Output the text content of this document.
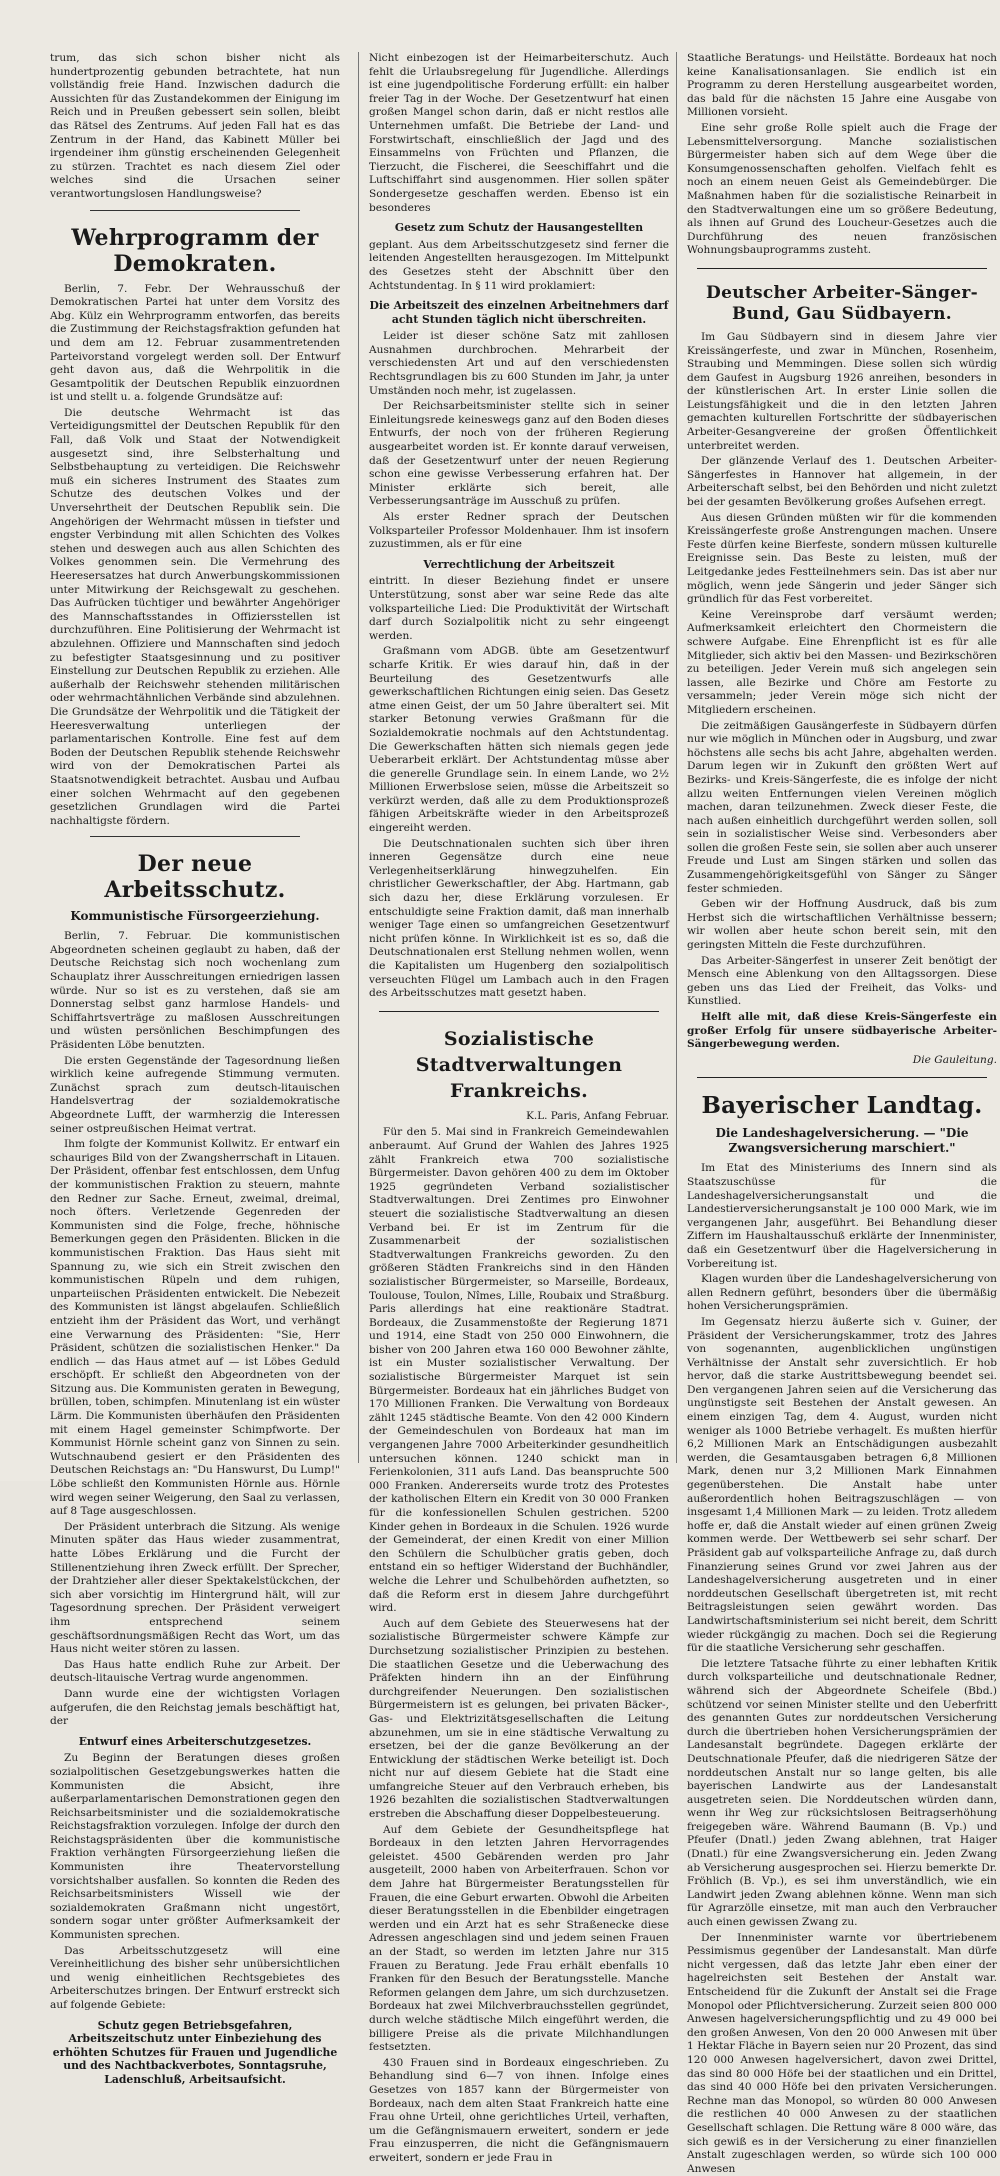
trum, das sich schon bisher nicht als hundertprozentig gebunden betrachtete, hat nun vollständig freie Hand. Inzwischen dadurch die Aussichten für das Zustandekommen der Einigung im Reich und in Preußen gebessert sein sollen, bleibt das Rätsel des Zentrums. Auf jeden Fall hat es das Zentrum in der Hand, das Kabinett Müller bei irgendeiner ihm günstig erscheinenden Gelegenheit zu stürzen. Trachtet es nach diesem Ziel oder welches sind die Ursachen seiner verantwortungslosen Handlungsweise?

Wehrprogramm der Demokraten.

Berlin, 7. Febr. Der Wehrausschuß der Demokratischen Partei hat unter dem Vorsitz des Abg. Külz ein Wehrprogramm entworfen, das bereits die Zustimmung der Reichstagsfraktion gefunden hat und dem am 12. Februar zusammentretenden Parteivorstand vorgelegt werden soll. Der Entwurf geht davon aus, daß die Wehrpolitik in die Gesamtpolitik der Deutschen Republik einzuordnen ist und stellt u. a. folgende Grundsätze auf:

Die deutsche Wehrmacht ist das Verteidigungsmittel der Deutschen Republik für den Fall, daß Volk und Staat der Notwendigkeit ausgesetzt sind, ihre Selbsterhaltung und Selbstbehauptung zu verteidigen. Die Reichswehr muß ein sicheres Instrument des Staates zum Schutze des deutschen Volkes und der Unversehrtheit der Deutschen Republik sein. Die Angehörigen der Wehrmacht müssen in tiefster und engster Verbindung mit allen Schichten des Volkes stehen und deswegen auch aus allen Schichten des Volkes genommen sein. Die Vermehrung des Heeresersatzes hat durch Anwerbungskommissionen unter Mitwirkung der Reichsgewalt zu geschehen. Das Aufrücken tüchtiger und bewährter Angehöriger des Mannschaftsstandes in Offiziersstellen ist durchzuführen. Eine Politisierung der Wehrmacht ist abzulehnen. Offiziere und Mannschaften sind jedoch zu befestigter Staatsgesinnung und zu positiver Einstellung zur Deutschen Republik zu erziehen. Alle außerhalb der Reichswehr stehenden militärischen oder wehrmachtähnlichen Verbände sind abzulehnen. Die Grundsätze der Wehrpolitik und die Tätigkeit der Heeresverwaltung unterliegen der parlamentarischen Kontrolle. Eine fest auf dem Boden der Deutschen Republik stehende Reichswehr wird von der Demokratischen Partei als Staatsnotwendigkeit betrachtet. Ausbau und Aufbau einer solchen Wehrmacht auf den gegebenen gesetzlichen Grundlagen wird die Partei nachhaltigste fördern.

Der neue Arbeitsschutz.
Kommunistische Fürsorgeerziehung.

Berlin, 7. Februar. Die kommunistischen Abgeordneten scheinen geglaubt zu haben, daß der Deutsche Reichstag sich noch wochenlang zum Schauplatz ihrer Ausschreitungen erniedrigen lassen würde. Nur so ist es zu verstehen, daß sie am Donnerstag selbst ganz harmlose Handels- und Schiffahrtsverträge zu maßlosen Ausschreitungen und wüsten persönlichen Beschimpfungen des Präsidenten Löbe benutzten.

Die ersten Gegenstände der Tagesordnung ließen wirklich keine aufregende Stimmung vermuten. Zunächst sprach zum deutsch-litauischen Handelsvertrag der sozialdemokratische Abgeordnete Lufft, der warmherzig die Interessen seiner ostpreußischen Heimat vertrat.

Ihm folgte der Kommunist Kollwitz. Er entwarf ein schauriges Bild von der Zwangsherrschaft in Litauen. Der Präsident, offenbar fest entschlossen, dem Unfug der kommunistischen Fraktion zu steuern, mahnte den Redner zur Sache. Erneut, zweimal, dreimal, noch öfters. Verletzende Gegenreden der Kommunisten sind die Folge, freche, höhnische Bemerkungen gegen den Präsidenten. Blicken in die kommunistischen Fraktion. Das Haus sieht mit Spannung zu, wie sich ein Streit zwischen den kommunistischen Rüpeln und dem ruhigen, unparteiischen Präsidenten entwickelt. Die Nebezeit des Kommunisten ist längst abgelaufen. Schließlich entzieht ihm der Präsident das Wort, und verhängt eine Verwarnung des Präsidenten: "Sie, Herr Präsident, schützen die sozialistischen Henker." Da endlich — das Haus atmet auf — ist Löbes Geduld erschöpft. Er schließt den Abgeordneten von der Sitzung aus. Die Kommunisten geraten in Bewegung, brüllen, toben, schimpfen. Minutenlang ist ein wüster Lärm. Die Kommunisten überhäufen den Präsidenten mit einem Hagel gemeinster Schimpfworte. Der Kommunist Hörnle scheint ganz von Sinnen zu sein. Wutschnaubend gesiert er den Präsidenten des Deutschen Reichstags an: "Du Hanswurst, Du Lump!" Löbe schließt den Kommunisten Hörnle aus. Hörnle wird wegen seiner Weigerung, den Saal zu verlassen, auf 8 Tage ausgeschlossen.

Der Präsident unterbrach die Sitzung. Als wenige Minuten später das Haus wieder zusammentrat, hatte Löbes Erklärung und die Furcht der Stillenentziehung ihren Zweck erfüllt. Der Sprecher, der Drahtzieher aller dieser Spektakelstückchen, der sich aber vorsichtig im Hintergrund hält, will zur Tagesordnung sprechen. Der Präsident verweigert ihm entsprechend seinem geschäftsordnungsmäßigen Recht das Wort, um das Haus nicht weiter stören zu lassen.

Das Haus hatte endlich Ruhe zur Arbeit. Der deutsch-litauische Vertrag wurde angenommen.

Dann wurde eine der wichtigsten Vorlagen aufgerufen, die den Reichstag jemals beschäftigt hat, der

Entwurf eines Arbeiterschutzgesetzes.

Zu Beginn der Beratungen dieses großen sozialpolitischen Gesetzgebungswerkes hatten die Kommunisten die Absicht, ihre außerparlamentarischen Demonstrationen gegen den Reichsarbeitsminister und die sozialdemokratische Reichstagsfraktion vorzulegen. Infolge der durch den Reichstagspräsidenten über die kommunistische Fraktion verhängten Fürsorgeerziehung ließen die Kommunisten ihre Theatervorstellung vorsichtshalber ausfallen. So konnten die Reden des Reichsarbeitsministers Wissell wie der sozialdemokraten Graßmann nicht ungestört, sondern sogar unter größter Aufmerksamkeit der Kommunisten sprechen.

Das Arbeitsschutzgesetz will eine Vereinheitlichung des bisher sehr unübersichtlichen und wenig einheitlichen Rechtsgebietes des Arbeiterschutzes bringen. Der Entwurf erstreckt sich auf folgende Gebiete:

Schutz gegen Betriebsgefahren, Arbeitszeitschutz unter Einbeziehung des erhöhten Schutzes für Frauen und Jugendliche und des Nachtbackverbotes, Sonntagsruhe, Ladenschluß, Arbeitsaufsicht.

Nicht einbezogen ist der Heimarbeiterschutz. Auch fehlt die Urlaubsregelung für Jugendliche. Allerdings ist eine jugendpolitische Forderung erfüllt: ein halber freier Tag in der Woche. Der Gesetzentwurf hat einen großen Mangel schon darin, daß er nicht restlos alle Unternehmen umfaßt. Die Betriebe der Land- und Forstwirtschaft, einschließlich der Jagd und des Einsammelns von Früchten und Pflanzen, die Tierzucht, die Fischerei, die Seeschiffahrt und die Luftschiffahrt sind ausgenommen. Hier sollen später Sondergesetze geschaffen werden. Ebenso ist ein besonderes

Gesetz zum Schutz der Hausangestellten

geplant. Aus dem Arbeitsschutzgesetz sind ferner die leitenden Angestellten herausgezogen. Im Mittelpunkt des Gesetzes steht der Abschnitt über den Achtstundentag. In § 11 wird proklamiert:

Die Arbeitszeit des einzelnen Arbeitnehmers darf acht Stunden täglich nicht überschreiten.

Leider ist dieser schöne Satz mit zahllosen Ausnahmen durchbrochen. Mehrarbeit der verschiedensten Art und auf den verschiedensten Rechtsgrundlagen bis zu 600 Stunden im Jahr, ja unter Umständen noch mehr, ist zugelassen.

Der Reichsarbeitsminister stellte sich in seiner Einleitungsrede keineswegs ganz auf den Boden dieses Entwurfs, der noch von der früheren Regierung ausgearbeitet worden ist. Er konnte darauf verweisen, daß der Gesetzentwurf unter der neuen Regierung schon eine gewisse Verbesserung erfahren hat. Der Minister erklärte sich bereit, alle Verbesserungsanträge im Ausschuß zu prüfen.

Als erster Redner sprach der Deutschen Volksparteiler Professor Moldenhauer. Ihm ist insofern zuzustimmen, als er für eine

Verrechtlichung der Arbeitszeit

eintritt. In dieser Beziehung findet er unsere Unterstützung, sonst aber war seine Rede das alte volksparteiliche Lied: Die Produktivität der Wirtschaft darf durch Sozialpolitik nicht zu sehr eingeengt werden.

Graßmann vom ADGB. übte am Gesetzentwurf scharfe Kritik. Er wies darauf hin, daß in der Beurteilung des Gesetzentwurfs alle gewerkschaftlichen Richtungen einig seien. Das Gesetz atme einen Geist, der um 50 Jahre überaltert sei. Mit starker Betonung verwies Graßmann für die Sozialdemokratie nochmals auf den Achtstundentag. Die Gewerkschaften hätten sich niemals gegen jede Ueberarbeit erklärt. Der Achtstundentag müsse aber die generelle Grundlage sein. In einem Lande, wo 2½ Millionen Erwerbslose seien, müsse die Arbeitszeit so verkürzt werden, daß alle zu dem Produktionsprozeß fähigen Arbeitskräfte wieder in den Arbeitsprozeß eingereiht werden.

Die Deutschnationalen suchten sich über ihren inneren Gegensätze durch eine neue Verlegenheitserklärung hinwegzuhelfen. Ein christlicher Gewerkschaftler, der Abg. Hartmann, gab sich dazu her, diese Erklärung vorzulesen. Er entschuldigte seine Fraktion damit, daß man innerhalb weniger Tage einen so umfangreichen Gesetzentwurf nicht prüfen könne. In Wirklichkeit ist es so, daß die Deutschnationalen erst Stellung nehmen wollen, wenn die Kapitalisten um Hugenberg den sozialpolitisch verseuchten Flügel um Lambach auch in den Fragen des Arbeitsschutzes matt gesetzt haben.

Sozialistische Stadtverwaltungen Frankreichs.

K.L. Paris, Anfang Februar.

Für den 5. Mai sind in Frankreich Gemeindewahlen anberaumt. Auf Grund der Wahlen des Jahres 1925 zählt Frankreich etwa 700 sozialistische Bürgermeister. Davon gehören 400 zu dem im Oktober 1925 gegründeten Verband sozialistischer Stadtverwaltungen. Drei Zentimes pro Einwohner steuert die sozialistische Stadtverwaltung an diesen Verband bei. Er ist im Zentrum für die Zusammenarbeit der sozialistischen Stadtverwaltungen Frankreichs geworden. Zu den größeren Städten Frankreichs sind in den Händen sozialistischer Bürgermeister, so Marseille, Bordeaux, Toulouse, Toulon, Nîmes, Lille, Roubaix und Straßburg. Paris allerdings hat eine reaktionäre Stadtrat. Bordeaux, die Zusammenstoßte der Regierung 1871 und 1914, eine Stadt von 250 000 Einwohnern, die bisher von 200 Jahren etwa 160 000 Bewohner zählte, ist ein Muster sozialistischer Verwaltung. Der sozialistische Bürgermeister Marquet ist sein Bürgermeister. Bordeaux hat ein jährliches Budget von 170 Millionen Franken. Die Verwaltung von Bordeaux zählt 1245 städtische Beamte. Von den 42 000 Kindern der Gemeindeschulen von Bordeaux hat man im vergangenen Jahre 7000 Arbeiterkinder gesundheitlich untersuchen können. 1240 schickt man in Ferienkolonien, 311 aufs Land. Das beanspruchte 500 000 Franken. Andererseits wurde trotz des Protestes der katholischen Eltern ein Kredit von 30 000 Franken für die konfessionellen Schulen gestrichen. 5200 Kinder gehen in Bordeaux in die Schulen. 1926 wurde der Gemeinderat, der einen Kredit von einer Million den Schülern die Schulbücher gratis geben, doch entstand ein so heftiger Widerstand der Buchhändler, welche die Lehrer und Schulbehörden aufhetzten, so daß die Reform erst in diesem Jahre durchgeführt wird.

Auch auf dem Gebiete des Steuerwesens hat der sozialistische Bürgermeister schwere Kämpfe zur Durchsetzung sozialistischer Prinzipien zu bestehen. Die staatlichen Gesetze und die Ueberwachung des Präfekten hindern ihn an der Einführung durchgreifender Neuerungen. Den sozialistischen Bürgermeistern ist es gelungen, bei privaten Bäcker-, Gas- und Elektrizitätsgesellschaften die Leitung abzunehmen, um sie in eine städtische Verwaltung zu ersetzen, bei der die ganze Bevölkerung an der Entwicklung der städtischen Werke beteiligt ist. Doch nicht nur auf diesem Gebiete hat die Stadt eine umfangreiche Steuer auf den Verbrauch erheben, bis 1926 bezahlten die sozialistischen Stadtverwaltungen erstreben die Abschaffung dieser Doppelbesteuerung.

Auf dem Gebiete der Gesundheitspflege hat Bordeaux in den letzten Jahren Hervorragendes geleistet. 4500 Gebärenden werden pro Jahr ausgeteilt, 2000 haben von Arbeiterfrauen. Schon vor dem Jahre hat Bürgermeister Beratungsstellen für Frauen, die eine Geburt erwarten. Obwohl die Arbeiten dieser Beratungsstellen in die Ebenbilder eingetragen werden und ein Arzt hat es sehr Straßenecke diese Adressen angeschlagen sind und jedem seinen Frauen an der Stadt, so werden im letzten Jahre nur 315 Frauen zu Beratung. Jede Frau erhält ebenfalls 10 Franken für den Besuch der Beratungsstelle. Manche Reformen gelangen dem Jahre, um sich durchzusetzen. Bordeaux hat zwei Milchverbrauchsstellen gegründet, durch welche städtische Milch eingeführt werden, die billigere Preise als die private Milchhandlungen festsetzten.

430 Frauen sind in Bordeaux eingeschrieben. Zu Behandlung sind 6—7 von ihnen. Infolge eines Gesetzes von 1857 kann der Bürgermeister von Bordeaux, nach dem alten Staat Frankreich hatte eine Frau ohne Urteil, ohne gerichtliches Urteil, verhaften, um die Gefängnismauern erweitert, sondern er jede Frau einzusperren, die nicht die Gefängnismauern erweitert, sondern er jede Frau in

Staatliche Beratungs- und Heilstätte. Bordeaux hat noch keine Kanalisationsanlagen. Sie endlich ist ein Programm zu deren Herstellung ausgearbeitet worden, das bald für die nächsten 15 Jahre eine Ausgabe von Millionen vorsieht.

Eine sehr große Rolle spielt auch die Frage der Lebensmittelversorgung. Manche sozialistischen Bürgermeister haben sich auf dem Wege über die Konsumgenossenschaften geholfen. Vielfach fehlt es noch an einem neuen Geist als Gemeindebürger. Die Maßnahmen haben für die sozialistische Reinarbeit in den Stadtverwaltungen eine um so größere Bedeutung, als ihnen auf Grund des Loucheur-Gesetzes auch die Durchführung des neuen französischen Wohnungsbauprogramms zusteht.

Deutscher Arbeiter-Sänger-Bund, Gau Südbayern.

Im Gau Südbayern sind in diesem Jahre vier Kreissängerfeste, und zwar in München, Rosenheim, Straubing und Memmingen. Diese sollen sich würdig dem Gaufest in Augsburg 1926 anreihen, besonders in der künstlerischen Art. In erster Linie sollen die Leistungsfähigkeit und die in den letzten Jahren gemachten kulturellen Fortschritte der südbayerischen Arbeiter-Gesangvereine der großen Öffentlichkeit unterbreitet werden.

Der glänzende Verlauf des 1. Deutschen Arbeiter-Sängerfestes in Hannover hat allgemein, in der Arbeiterschaft selbst, bei den Behörden und nicht zuletzt bei der gesamten Bevölkerung großes Aufsehen erregt.

Aus diesen Gründen müßten wir für die kommenden Kreissängerfeste große Anstrengungen machen. Unsere Feste dürfen keine Bierfeste, sondern müssen kulturelle Ereignisse sein. Das Beste zu leisten, muß der Leitgedanke jedes Festteilnehmers sein. Das ist aber nur möglich, wenn jede Sängerin und jeder Sänger sich gründlich für das Fest vorbereitet.

Keine Vereinsprobe darf versäumt werden; Aufmerksamkeit erleichtert den Chormeistern die schwere Aufgabe. Eine Ehrenpflicht ist es für alle Mitglieder, sich aktiv bei den Massen- und Bezirkschören zu beteiligen. Jeder Verein muß sich angelegen sein lassen, alle Bezirke und Chöre am Festorte zu versammeln; jeder Verein möge sich nicht der Mitgliedern erscheinen.

Die zeitmäßigen Gausängerfeste in Südbayern dürfen nur wie möglich in München oder in Augsburg, und zwar höchstens alle sechs bis acht Jahre, abgehalten werden. Darum legen wir in Zukunft den größten Wert auf Bezirks- und Kreis-Sängerfeste, die es infolge der nicht allzu weiten Entfernungen vielen Vereinen möglich machen, daran teilzunehmen. Zweck dieser Feste, die nach außen einheitlich durchgeführt werden sollen, soll sein in sozialistischer Weise sind. Verbesonders aber sollen die großen Feste sein, sie sollen aber auch unserer Freude und Lust am Singen stärken und sollen das Zusammengehörigkeitsgefühl von Sänger zu Sänger fester schmieden.

Geben wir der Hoffnung Ausdruck, daß bis zum Herbst sich die wirtschaftlichen Verhältnisse bessern; wir wollen aber heute schon bereit sein, mit den geringsten Mitteln die Feste durchzuführen.

Das Arbeiter-Sängerfest in unserer Zeit benötigt der Mensch eine Ablenkung von den Alltagssorgen. Diese geben uns das Lied der Freiheit, das Volks- und Kunstlied.

Helft alle mit, daß diese Kreis-Sängerfeste ein großer Erfolg für unsere südbayerische Arbeiter-Sängerbewegung werden.

Die Gauleitung.

Bayerischer Landtag.
Die Landeshagelversicherung. — "Die Zwangsversicherung marschiert."

Im Etat des Ministeriums des Innern sind als Staatszuschüsse für die Landeshagelversicherungsanstalt und die Landestierversicherungsanstalt je 100 000 Mark, wie im vergangenen Jahr, ausgeführt. Bei Behandlung dieser Ziffern im Haushaltausschuß erklärte der Innenminister, daß ein Gesetzentwurf über die Hagelversicherung in Vorbereitung ist.

Klagen wurden über die Landeshagelversicherung von allen Rednern geführt, besonders über die übermäßig hohen Versicherungsprämien.

Im Gegensatz hierzu äußerte sich v. Guiner, der Präsident der Versicherungskammer, trotz des Jahres von sogenannten, augenblicklichen ungünstigen Verhältnisse der Anstalt sehr zuversichtlich. Er hob hervor, daß die starke Austrittsbewegung beendet sei. Den vergangenen Jahren seien auf die Versicherung das ungünstigste seit Bestehen der Anstalt gewesen. An einem einzigen Tag, dem 4. August, wurden nicht weniger als 1000 Betriebe verhagelt. Es mußten hierfür 6,2 Millionen Mark an Entschädigungen ausbezahlt werden, die Gesamtausgaben betragen 6,8 Millionen Mark, denen nur 3,2 Millionen Mark Einnahmen gegenüberstehen. Die Anstalt habe unter außerordentlich hohen Beitragszuschlägen — von insgesamt 1,4 Millionen Mark — zu leiden. Trotz alledem hoffe er, daß die Anstalt wieder auf einen grünen Zweig kommen werde. Der Wettbewerb sei sehr scharf. Der Präsident gab auf volksparteiliche Anfrage zu, daß durch Finanzierung seines Grund vor zwei Jahren aus der Landeshagelversicherung ausgetreten und in einer norddeutschen Gesellschaft übergetreten ist, mit recht Beitragsleistungen seien gewährt worden. Das Landwirtschaftsministerium sei nicht bereit, dem Schritt wieder rückgängig zu machen. Doch sei die Regierung für die staatliche Versicherung sehr geschaffen.

Die letztere Tatsache führte zu einer lebhaften Kritik durch volksparteiliche und deutschnationale Redner, während sich der Abgeordnete Scheifele (Bbd.) schützend vor seinen Minister stellte und den Ueberfritt des genannten Gutes zur norddeutschen Versicherung durch die übertrieben hohen Versicherungsprämien der Landesanstalt begründete. Dagegen erklärte der Deutschnationale Pfeufer, daß die niedrigeren Sätze der norddeutschen Anstalt nur so lange gelten, bis alle bayerischen Landwirte aus der Landesanstalt ausgetreten seien. Die Norddeutschen würden dann, wenn ihr Weg zur rücksichtslosen Beitragserhöhung freigegeben wäre. Während Baumann (B. Vp.) und Pfeufer (Dnatl.) jeden Zwang ablehnen, trat Haiger (Dnatl.) für eine Zwangsversicherung ein. Jeden Zwang ab Versicherung ausgesprochen sei. Hierzu bemerkte Dr. Fröhlich (B. Vp.), es sei ihm unverständlich, wie ein Landwirt jeden Zwang ablehnen könne. Wenn man sich für Agrarzölle einsetze, mit man auch den Verbraucher auch einen gewissen Zwang zu.

Der Innenminister warnte vor übertriebenem Pessimismus gegenüber der Landesanstalt. Man dürfe nicht vergessen, daß das letzte Jahr eben einer der hagelreichsten seit Bestehen der Anstalt war. Entscheidend für die Zukunft der Anstalt sei die Frage Monopol oder Pflichtversicherung. Zurzeit seien 800 000 Anwesen hagelversicherungspflichtig und zu 49 000 bei den großen Anwesen, Von den 20 000 Anwesen mit über 1 Hektar Fläche in Bayern seien nur 20 Prozent, das sind 120 000 Anwesen hagelversichert, davon zwei Drittel, das sind 80 000 Höfe bei der staatlichen und ein Drittel, das sind 40 000 Höfe bei den privaten Versicherungen. Rechne man das Monopol, so würden 80 000 Anwesen die restlichen 40 000 Anwesen zu der staatlichen Gesellschaft schlagen. Die Rettung wäre 8 000 wäre, das sich gewiß es in der Versicherung zu einer finanziellen Anstalt zugeschlagen werden, so würde sich 100 000 Anwesen
